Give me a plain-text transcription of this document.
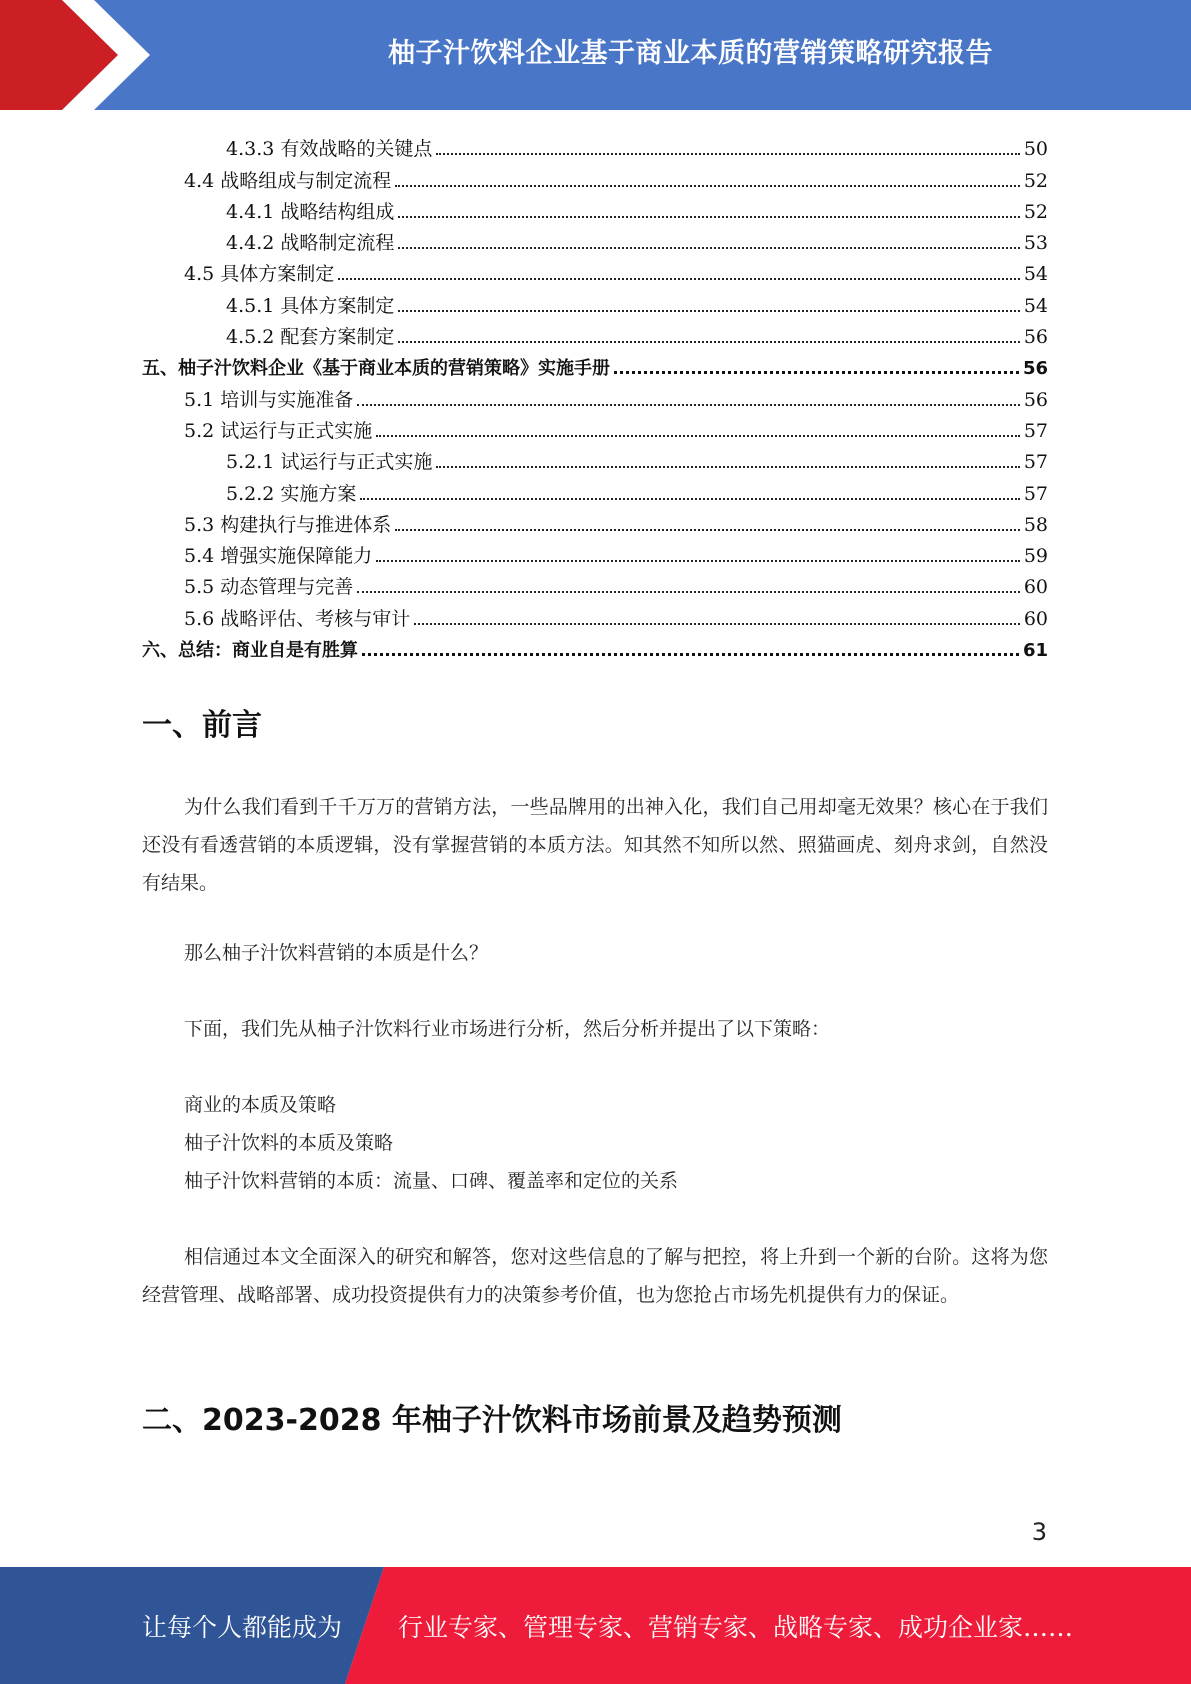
柚子汁饮料企业基于商业本质的营销策略研究报告
4.3.3 有效战略的关键点	50
4.4 战略组成与制定流程	52
4.4.1 战略结构组成	52
4.4.2 战略制定流程	53
4.5 具体方案制定	54
4.5.1 具体方案制定	54
4.5.2 配套方案制定	56
五、柚子汁饮料企业《基于商业本质的营销策略》实施手册	56
5.1 培训与实施准备	56
5.2 试运行与正式实施	57
5.2.1 试运行与正式实施	57
5.2.2 实施方案	57
5.3 构建执行与推进体系	58
5.4 增强实施保障能力	59
5.5 动态管理与完善	60
5.6 战略评估、考核与审计	60
六、总结：商业自是有胜算	61
一、前言
为什么我们看到千千万万的营销方法，一些品牌用的出神入化，我们自己用却毫无效果？核心在于我们还没有看透营销的本质逻辑，没有掌握营销的本质方法。知其然不知所以然、照猫画虎、刻舟求剑，自然没有结果。
那么柚子汁饮料营销的本质是什么？
下面，我们先从柚子汁饮料行业市场进行分析，然后分析并提出了以下策略：
商业的本质及策略
柚子汁饮料的本质及策略
柚子汁饮料营销的本质：流量、口碑、覆盖率和定位的关系
相信通过本文全面深入的研究和解答，您对这些信息的了解与把控，将上升到一个新的台阶。这将为您经营管理、战略部署、成功投资提供有力的决策参考价值，也为您抢占市场先机提供有力的保证。
二、2023-2028 年柚子汁饮料市场前景及趋势预测
3
让每个人都能成为 行业专家、管理专家、营销专家、战略专家、成功企业家……
